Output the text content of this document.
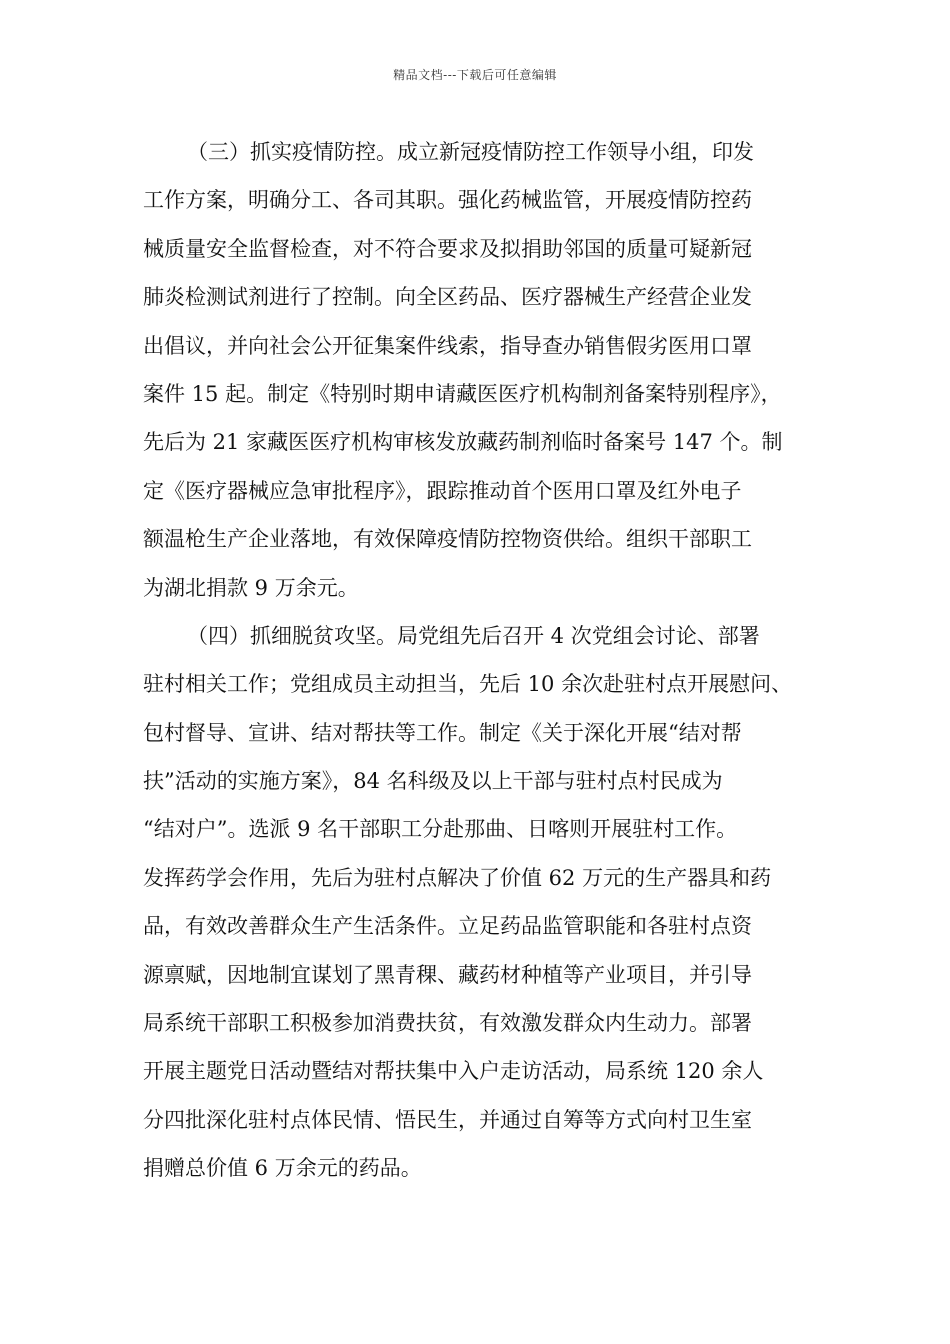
精品文档---下载后可任意编辑
（三）抓实疫情防控。成立新冠疫情防控工作领导小组，印发
工作方案，明确分工、各司其职。强化药械监管，开展疫情防控药
械质量安全监督检查，对不符合要求及拟捐助邻国的质量可疑新冠
肺炎检测试剂进行了控制。向全区药品、医疗器械生产经营企业发
出倡议，并向社会公开征集案件线索，指导查办销售假劣医用口罩
案件 15 起。制定《特别时期申请藏医医疗机构制剂备案特别程序》，
先后为 21 家藏医医疗机构审核发放藏药制剂临时备案号 147 个。制
定《医疗器械应急审批程序》，跟踪推动首个医用口罩及红外电子
额温枪生产企业落地，有效保障疫情防控物资供给。组织干部职工
为湖北捐款 9 万余元。
（四）抓细脱贫攻坚。局党组先后召开 4 次党组会讨论、部署
驻村相关工作；党组成员主动担当，先后 10 余次赴驻村点开展慰问、
包村督导、宣讲、结对帮扶等工作。制定《关于深化开展“结对帮
扶”活动的实施方案》，84 名科级及以上干部与驻村点村民成为
“结对户”。选派 9 名干部职工分赴那曲、日喀则开展驻村工作。
发挥药学会作用，先后为驻村点解决了价值 62 万元的生产器具和药
品，有效改善群众生产生活条件。立足药品监管职能和各驻村点资
源禀赋，因地制宜谋划了黑青稞、藏药材种植等产业项目，并引导
局系统干部职工积极参加消费扶贫，有效激发群众内生动力。部署
开展主题党日活动暨结对帮扶集中入户走访活动，局系统 120 余人
分四批深化驻村点体民情、悟民生，并通过自筹等方式向村卫生室
捐赠总价值 6 万余元的药品。
